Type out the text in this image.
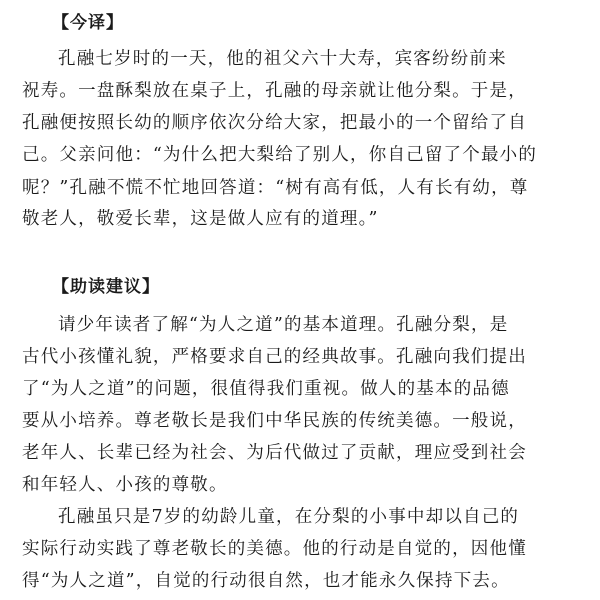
【今译】
孔融七岁时的一天，他的祖父六十大寿，宾客纷纷前来
祝寿。一盘酥梨放在桌子上，孔融的母亲就让他分梨。于是，
孔融便按照长幼的顺序依次分给大家，把最小的一个留给了自
己。父亲问他：“为什么把大梨给了别人，你自己留了个最小的
呢？”孔融不慌不忙地回答道：“树有高有低，人有长有幼，尊
敬老人，敬爱长辈，这是做人应有的道理。”
【助读建议】
请少年读者了解“为人之道”的基本道理。孔融分梨，是
古代小孩懂礼貌，严格要求自己的经典故事。孔融向我们提出
了“为人之道”的问题，很值得我们重视。做人的基本的品德
要从小培养。尊老敬长是我们中华民族的传统美德。一般说，
老年人、长辈已经为社会、为后代做过了贡献，理应受到社会
和年轻人、小孩的尊敬。
孔融虽只是7岁的幼龄儿童，在分梨的小事中却以自己的
实际行动实践了尊老敬长的美德。他的行动是自觉的，因他懂
得“为人之道”，自觉的行动很自然，也才能永久保持下去。
